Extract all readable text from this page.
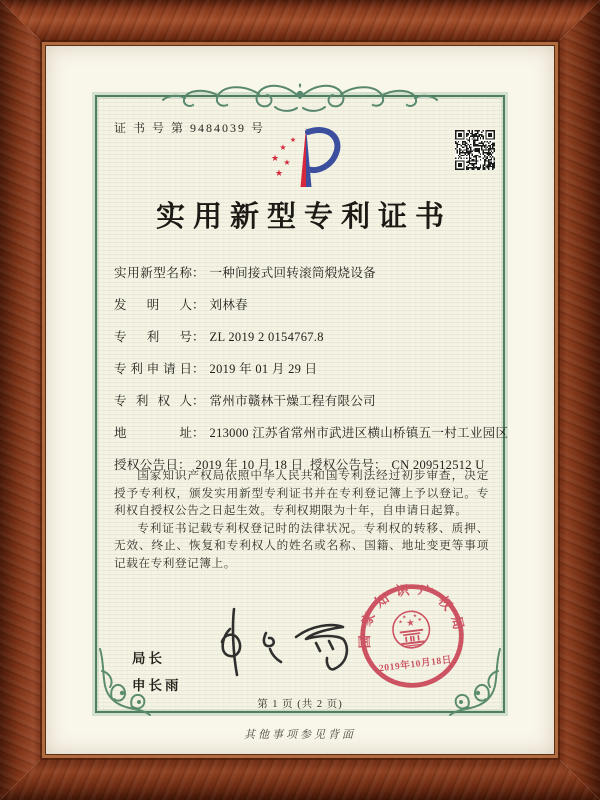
证 书 号 第 9484039 号
★
★
★ ★
★
实用新型专利证书
实用新型名称： 一种间接式回转滚筒煅烧设备
发明人： 刘林春
专利号： ZL 2019 2 0154767.8
专利申请日： 2019 年 01 月 29 日
专利权人： 常州市赣林干燥工程有限公司
地址： 213000 江苏省常州市武进区横山桥镇五一村工业园区
授权公告日： 2019 年 10 月 18 日 授权公告号： CN 209512512 U

国家知识产权局依照中华人民共和国专利法经过初步审查，决定授予专利权，颁发实用新型专利证书并在专利登记簿上予以登记。专利权自授权公告之日起生效。专利权期限为十年，自申请日起算。

专利证书记载专利权登记时的法律状况。专利权的转移、质押、无效、终止、恢复和专利权人的姓名或名称、国籍、地址变更等事项记载在专利登记簿上。

局长
申长雨
国家知识产权局
★
★
★ ★
★
2019年10月18日
第 1 页 (共 2 页)
其他事项参见背面
